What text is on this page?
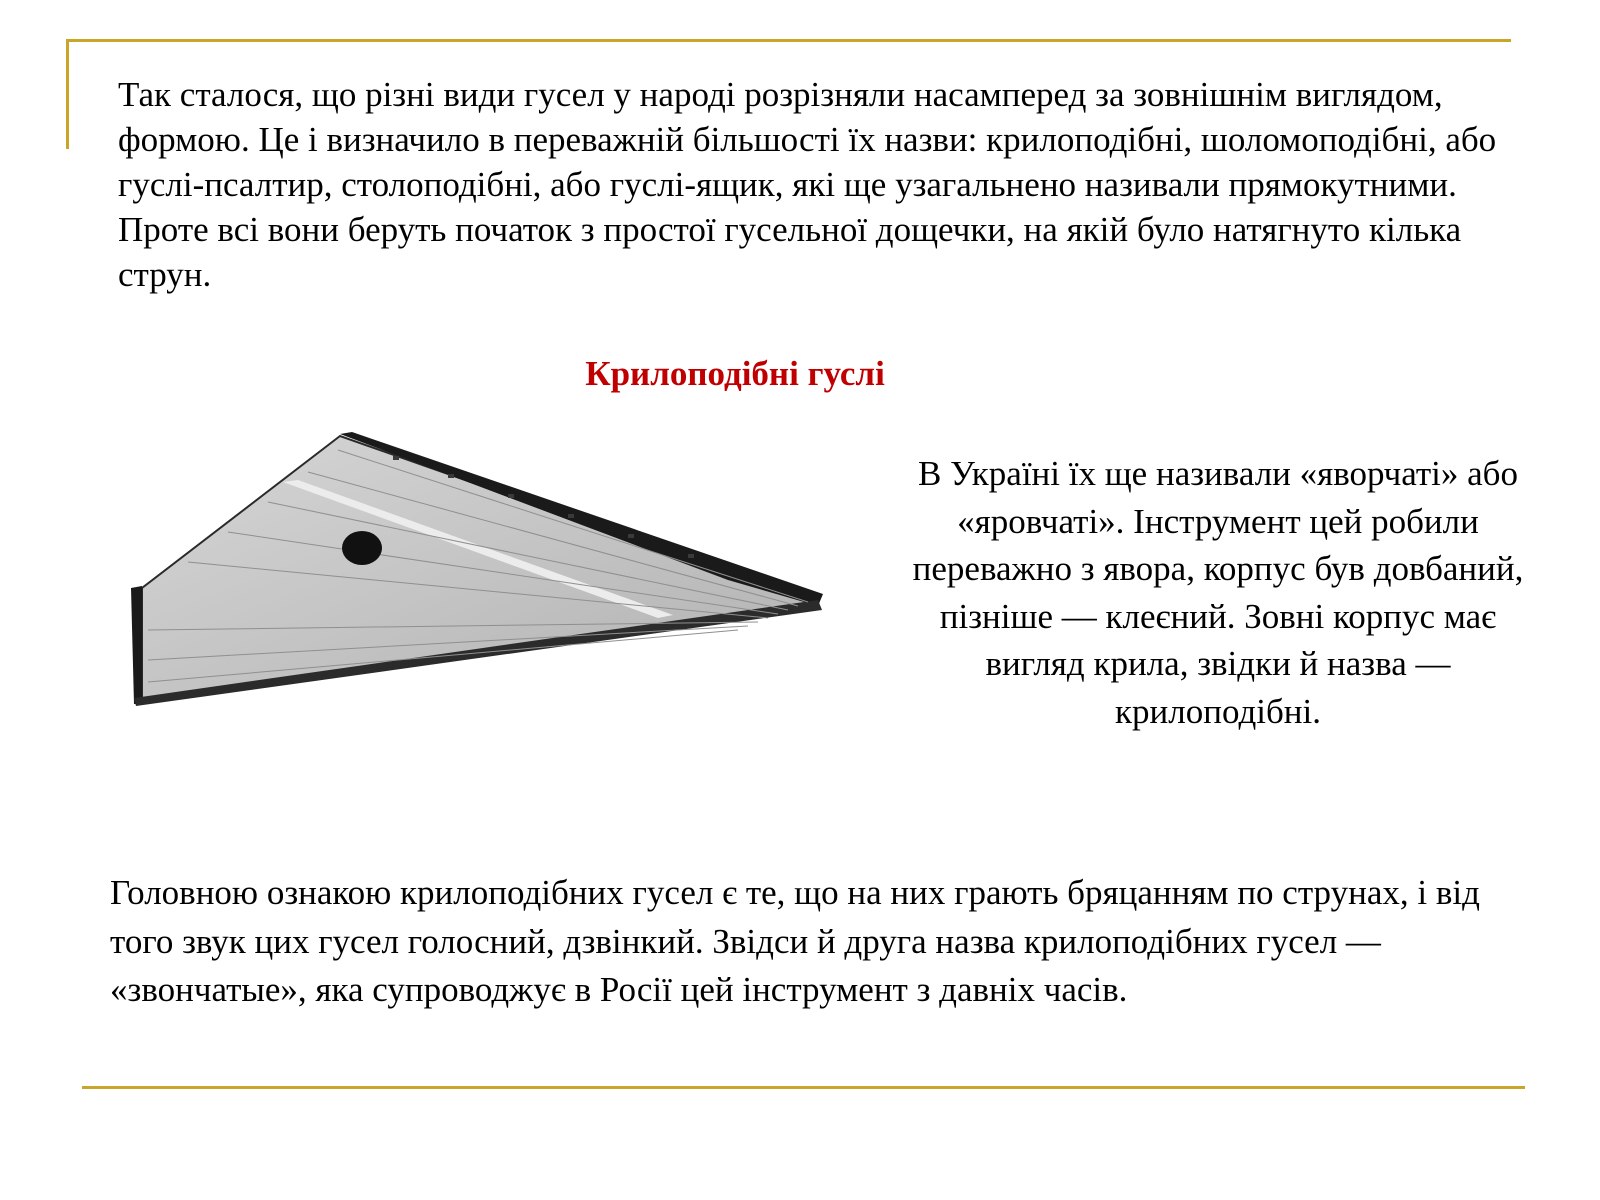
Так сталося, що різні види гусел у народі розрізняли насамперед за зовнішнім виглядом, формою. Це і визначило в переважній більшості їх назви: крилоподібні, шоломоподібні, або гуслі-псалтир, столоподібні, або гуслі-ящик, які ще узагальнено називали прямокутними. Проте всі вони беруть початок з простої гусельної дощечки, на якій було натягнуто кілька струн.

Крилоподібні гуслі

В Україні їх ще називали «яворчаті» або «яровчаті». Інструмент цей робили переважно з явора, корпус був довбаний, пізніше — клеєний. Зовні корпус має вигляд крила, звідки й назва — крилоподібні.

Головною ознакою крилоподібних гусел є те, що на них грають бряцанням по струнах, і від того звук цих гусел голосний, дзвінкий. Звідси й друга назва крилоподібних гусел — «звончатые», яка супроводжує в Росії цей інструмент з давніх часів.
